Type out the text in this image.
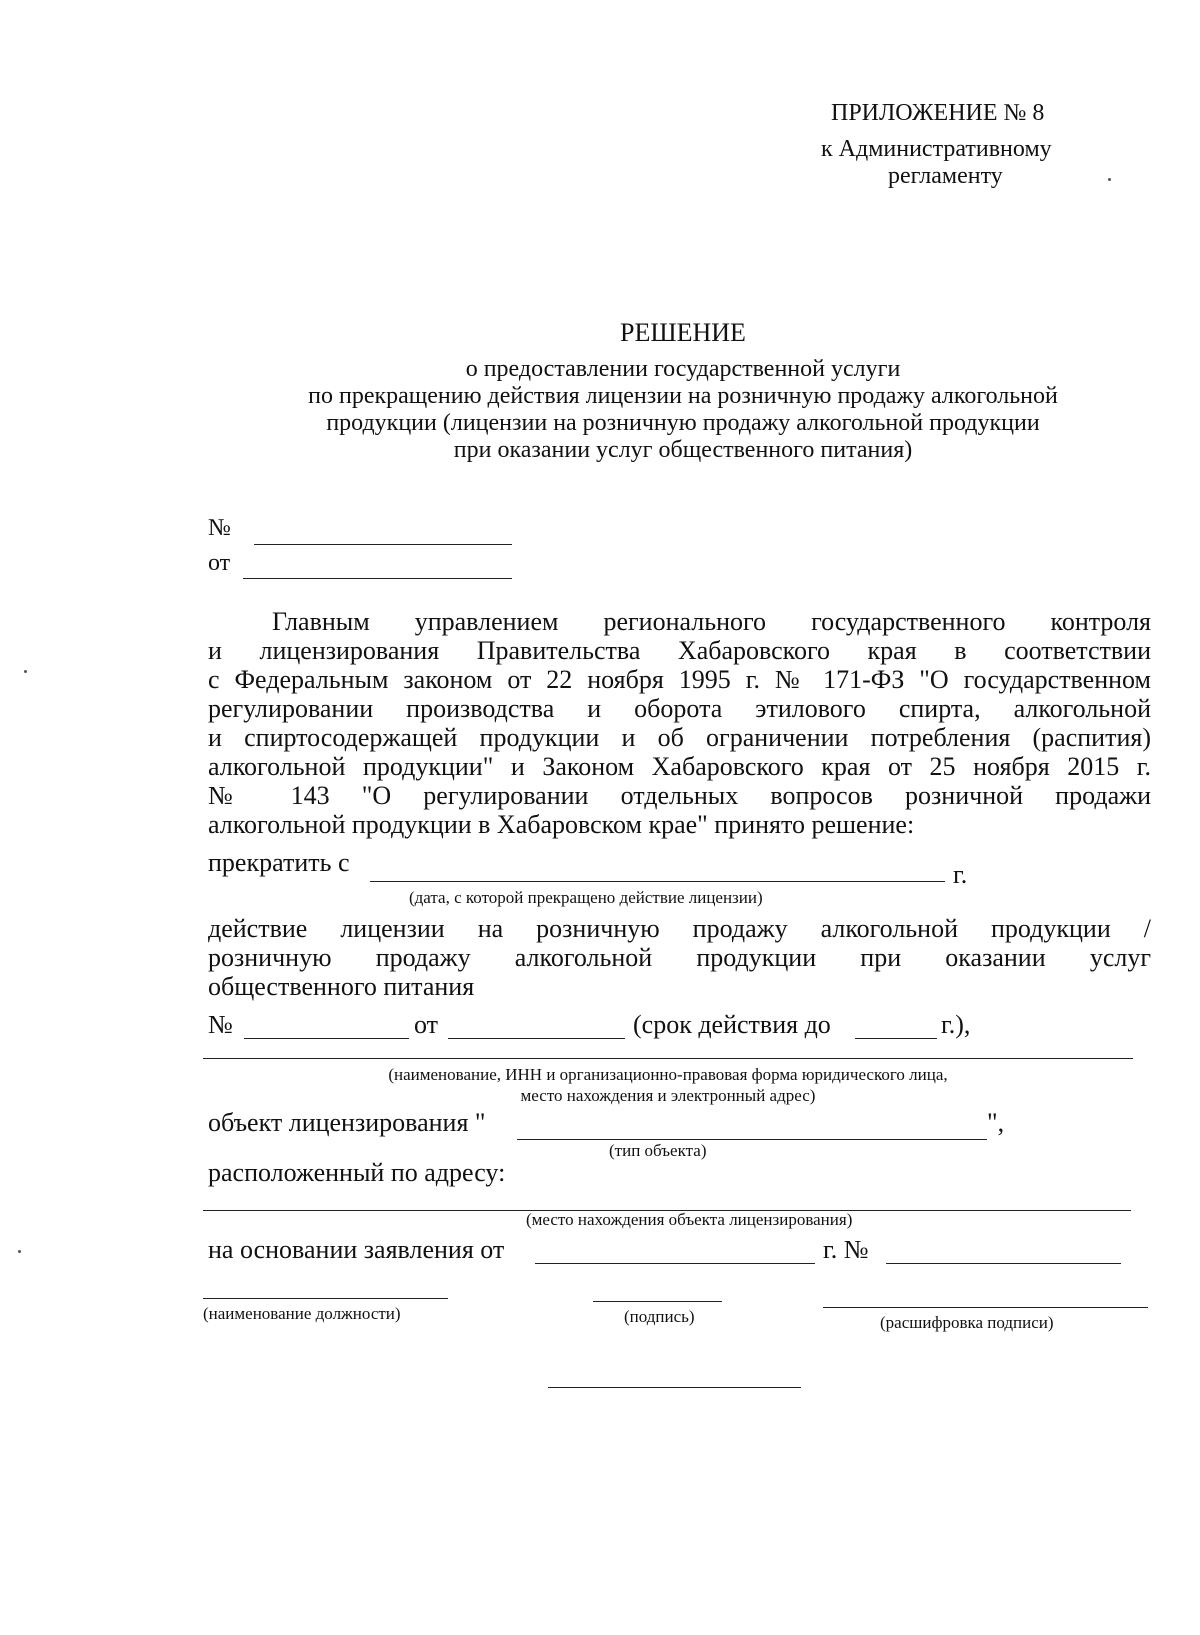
ПРИЛОЖЕНИЕ № 8
к Административному
регламенту
РЕШЕНИЕ
о предоставлении государственной услуги
по прекращению действия лицензии на розничную продажу алкогольной
продукции (лицензии на розничную продажу алкогольной продукции
при оказании услуг общественного питания)
№
от
Главным управлением регионального государственного контроля
и лицензирования Правительства Хабаровского края в соответствии
с Федеральным законом от 22 ноября 1995 г. № 171-ФЗ "О государственном
регулировании производства и оборота этилового спирта, алкогольной
и спиртосодержащей продукции и об ограничении потребления (распития)
алкогольной продукции" и Законом Хабаровского края от 25 ноября 2015 г.
№ 143 "О регулировании отдельных вопросов розничной продажи
алкогольной продукции в Хабаровском крае" принято решение:
прекратить с	г.
(дата, с которой прекращено действие лицензии)
действие лицензии на розничную продажу алкогольной продукции /
розничную продажу алкогольной продукции при оказании услуг
общественного питания
№	от	(срок действия до	г.),
(наименование, ИНН и организационно-правовая форма юридического лица,
место нахождения и электронный адрес)
объект лицензирования "	",
(тип объекта)
расположенный по адресу:
(место нахождения объекта лицензирования)
на основании заявления от	г. №
(наименование должности)	(подпись)	(расшифровка подписи)
